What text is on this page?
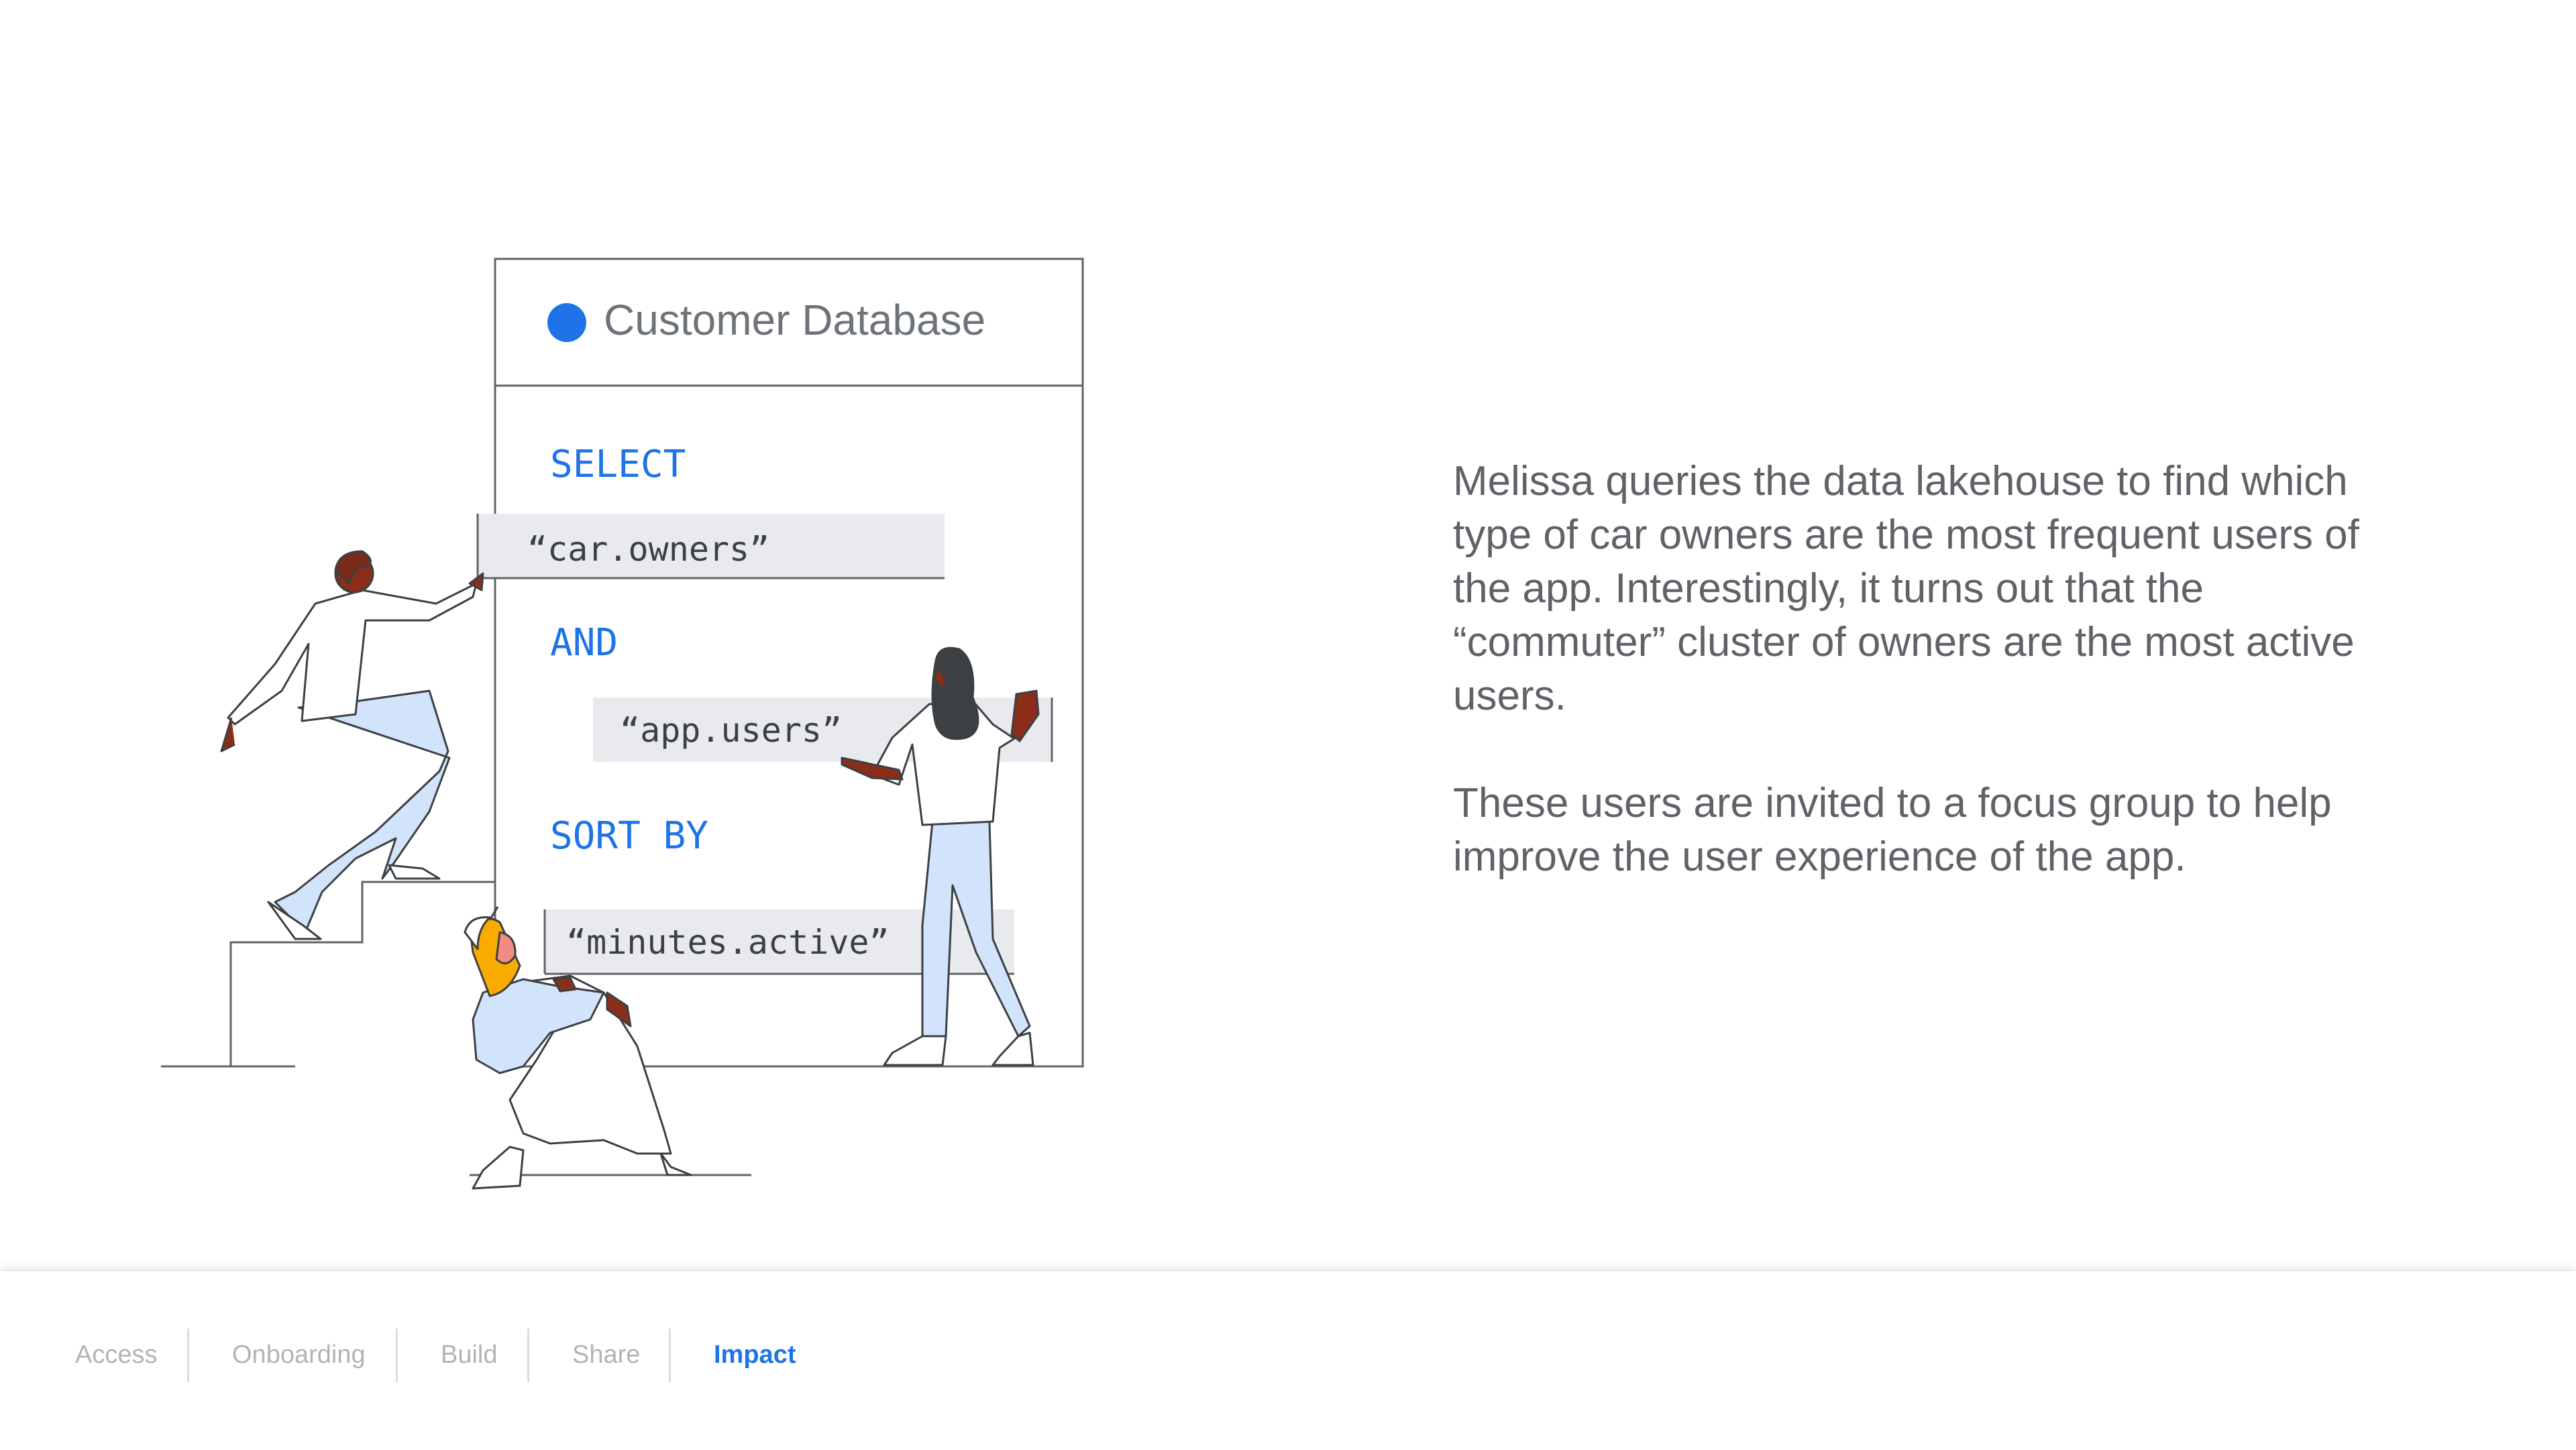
Customer Database
SELECT
“car.owners”
AND
“app.users”
SORT BY
“minutes.active”

Melissa queries the data lakehouse to find which type of car owners are the most frequent users of the app. Interestingly, it turns out that the “commuter” cluster of owners are the most active users.

These users are invited to a focus group to help improve the user experience of the app.

Access	Onboarding	Build	Share	Impact
